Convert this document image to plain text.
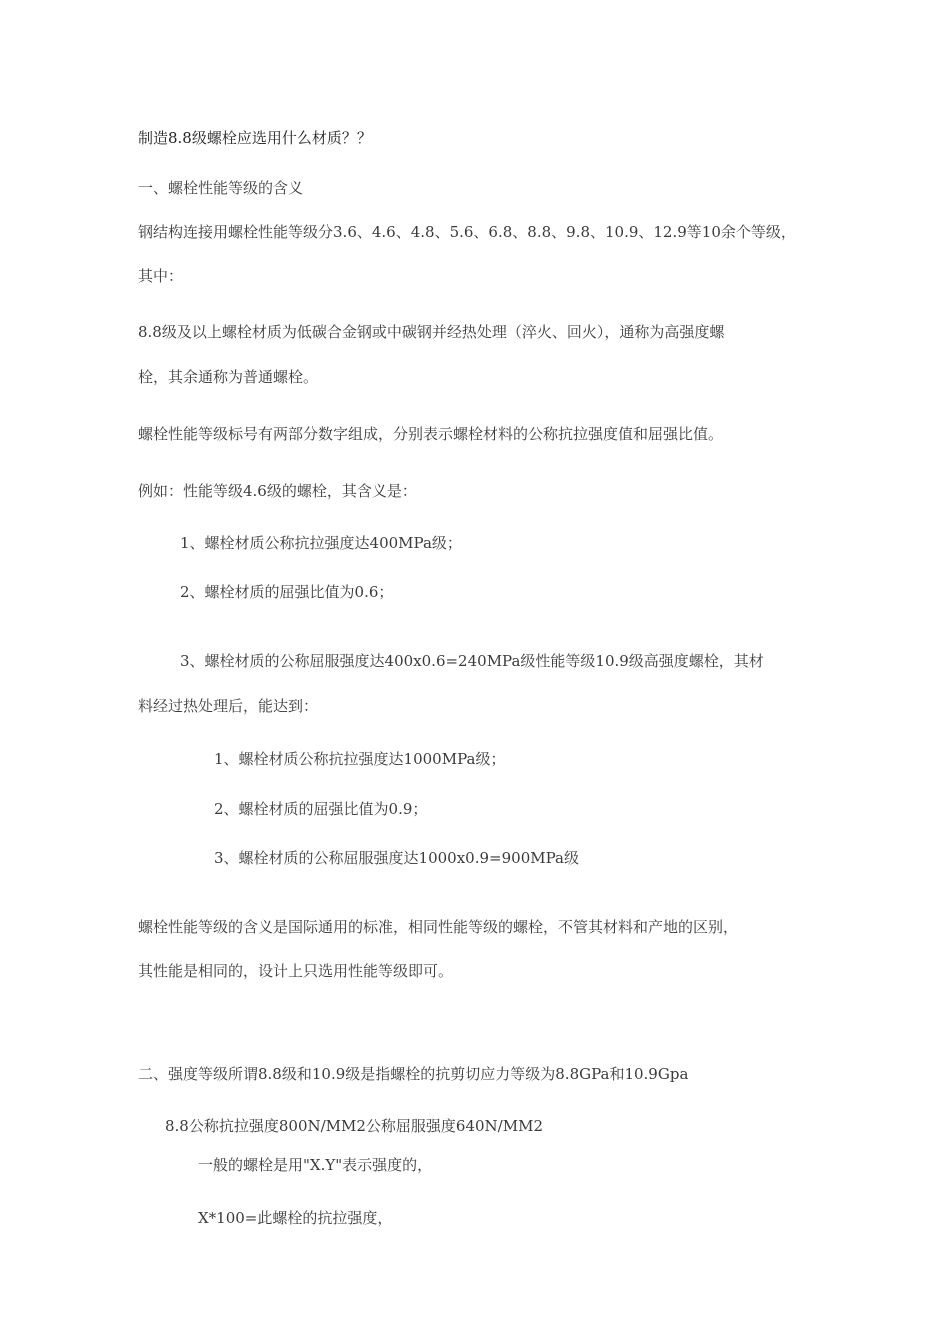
制造8.8级螺栓应选用什么材质？？
一、螺栓性能等级的含义
钢结构连接用螺栓性能等级分3.6、4.6、4.8、5.6、6.8、8.8、9.8、10.9、12.9等10余个等级，
其中：
8.8级及以上螺栓材质为低碳合金钢或中碳钢并经热处理（淬火、回火），通称为高强度螺
栓，其余通称为普通螺栓。
螺栓性能等级标号有两部分数字组成，分别表示螺栓材料的公称抗拉强度值和屈强比值。
例如：性能等级4.6级的螺栓，其含义是：
1、螺栓材质公称抗拉强度达400MPa级；
2、螺栓材质的屈强比值为0.6；
3、螺栓材质的公称屈服强度达400x0.6=240MPa级性能等级10.9级高强度螺栓，其材
料经过热处理后，能达到：
1、螺栓材质公称抗拉强度达1000MPa级；
2、螺栓材质的屈强比值为0.9；
3、螺栓材质的公称屈服强度达1000x0.9=900MPa级
螺栓性能等级的含义是国际通用的标准，相同性能等级的螺栓，不管其材料和产地的区别，
其性能是相同的，设计上只选用性能等级即可。
二、强度等级所谓8.8级和10.9级是指螺栓的抗剪切应力等级为8.8GPa和10.9Gpa
8.8公称抗拉强度800N/MM2公称屈服强度640N/MM2
一般的螺栓是用"X.Y"表示强度的，
X*100=此螺栓的抗拉强度，
